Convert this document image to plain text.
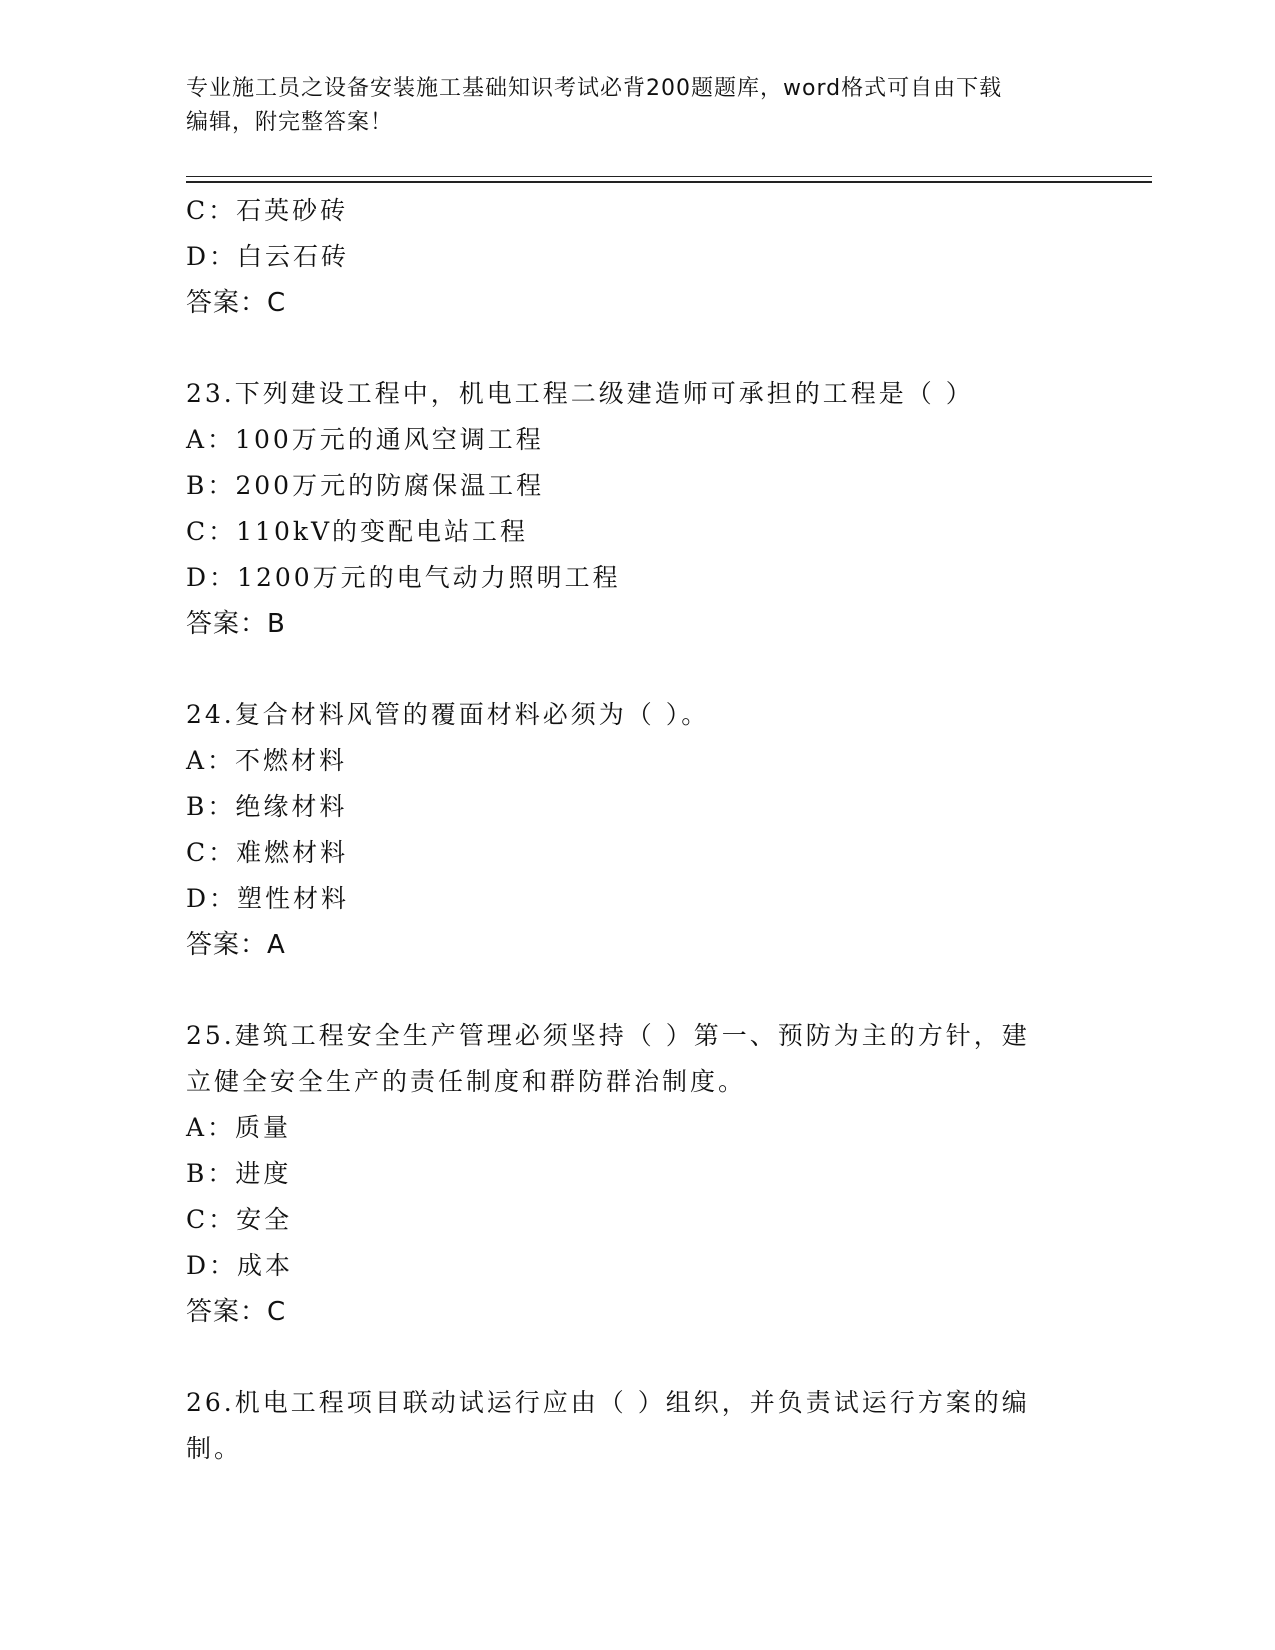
专业施工员之设备安装施工基础知识考试必背200题题库，word格式可自由下载
编辑，附完整答案！
C：石英砂砖
D：白云石砖
答案：C
23.下列建设工程中，机电工程二级建造师可承担的工程是（ ）
A：100万元的通风空调工程
B：200万元的防腐保温工程
C：110kV的变配电站工程
D：1200万元的电气动力照明工程
答案：B
24.复合材料风管的覆面材料必须为（ ）。
A：不燃材料
B：绝缘材料
C：难燃材料
D：塑性材料
答案：A
25.建筑工程安全生产管理必须坚持（ ）第一、预防为主的方针，建
立健全安全生产的责任制度和群防群治制度。
A：质量
B：进度
C：安全
D：成本
答案：C
26.机电工程项目联动试运行应由（ ）组织，并负责试运行方案的编
制。
